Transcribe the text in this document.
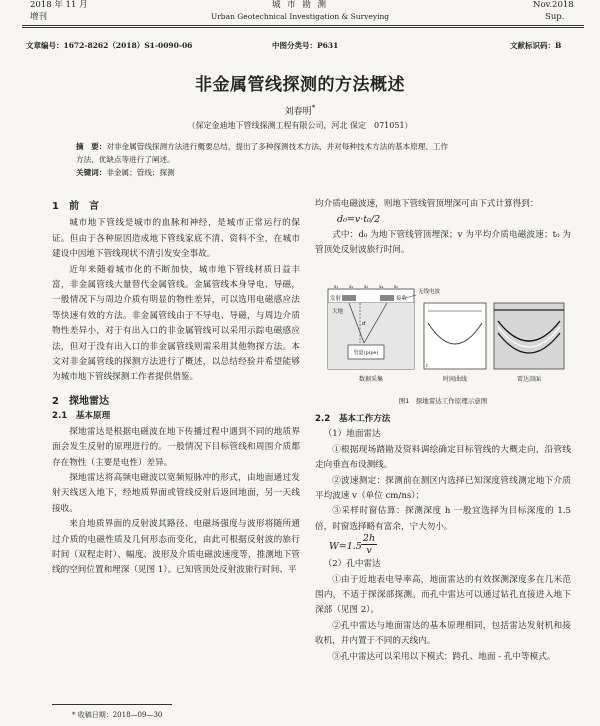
2018 年 11 月
增刊
城 市 勘 测
Urban Geotechnical Investigation & Surveying
Nov.2018
Sup.
文章编号：1672-8262（2018）S1-0090-06	中图分类号：P631	文献标识码：B
非金属管线探测的方法概述
刘春明*
（保定金迪地下管线探测工程有限公司，河北 保定　071051）
摘　要：对非金属管线探测方法进行概要总结，提出了多种探测技术方法，并对每种技术方法的基本原理、工作
方法、优缺点等进行了阐述。
关键词：非金属；管线；探测
1　前　言

城市地下管线是城市的血脉和神经，是城市正常运行的保证。但由于各种原因造成地下管线家底不清、资料不全，在城市建设中因地下管线现状不清引发安全事故。

近年来随着城市化的不断加快，城市地下管线材质日益丰富，非金属管线大量替代金属管线。金属管线本身导电、导磁，一般情况下与周边介质有明显的物性差异，可以选用电磁感应法等快速有效的方法。非金属管线由于不导电、导磁，与周边介质物性差异小，对于有出入口的非金属管线可以采用示踪电磁感应法，但对于没有出入口的非金属管线则需采用其他物探方法。本文对非金属管线的探测方法进行了概述，以总结经验并希望能够为城市地下管线探测工作者提供借鉴。

2　探地雷达
2.1　基本原理

探地雷达是根据电磁波在地下传播过程中遇到不同的地质界面会发生反射的原理进行的。一般情况下目标管线和周围介质都存在物性（主要是电性）差异。

探地雷达将高频电磁波以宽频短脉冲的形式，由地面通过发射天线送入地下，经地质界面或管线反射后返回地面，另一天线接收。

来自地质界面的反射波其路径、电磁场强度与波形将随所通过介质的电磁性质及几何形态而变化，由此可根据反射波的旅行时间（双程走时）、幅度、波形及介质电磁波速度等，推测地下管线的空间位置和埋深（见图 1）。已知管顶处反射波旅行时间、平

均介质电磁波速，则地下管线管顶埋深可由下式计算得到：

d₀=v·t₀/2

式中：d₀ 为地下管线管顶埋深；v 为平均介质电磁波速；t₀ 为管顶处反射波旅行时间。

发射	接收
大地
d
管道(pipe)
x₁ x₂ x₃ x₄ x₅
无线电波
t
数据采集	时间曲线	雷达剖面
图1　探地雷达工作原理示意图
2.2　基本工作方法
（1）地面雷达

①根据现场踏勘及资料调绘确定目标管线的大概走向，沿管线走向垂直布设测线。

②波速测定：探测前在测区内选择已知深度管线测定地下介质平均波速 v（单位 cm/ns）；

③采样时窗估算：探测深度 h 一般宜选择为目标深度的 1.5 倍，时窗选择略有富余，宁大勿小。

$W=1.5 \frac{2h}{v}$
（2）孔中雷达

①由于近地表电导率高，地面雷达的有效探测深度多在几米范围内，不适于探深部探测。而孔中雷达可以通过钻孔直接进入地下深部（见图 2）。

②孔中雷达与地面雷达的基本原理相同，包括雷达发射机和接收机，并内置于不同的天线内。

③孔中雷达可以采用以下模式：跨孔、地面 - 孔中等模式。

* 收稿日期：2018—09—30
